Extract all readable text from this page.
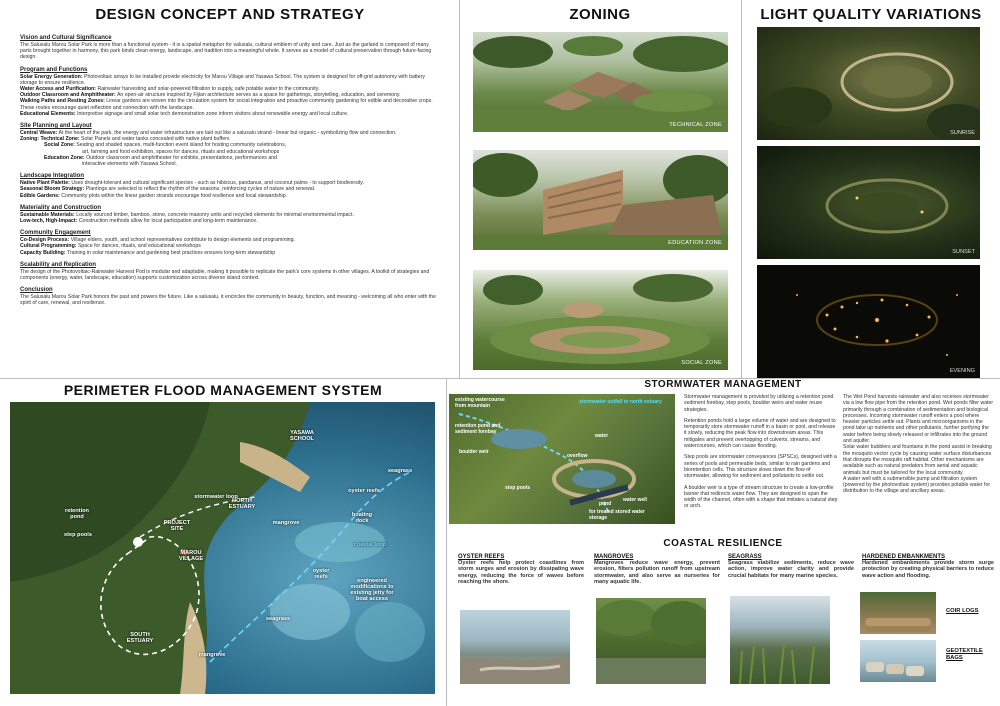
DESIGN CONCEPT AND STRATEGY
Vision and Cultural Significance
The Salusalu Marou Solar Park is more than a functional system - it is a spatial metaphor for salusalu, cultural emblem of unity and care. Just as the garland is composed of many parts brought together in harmony, this park binds clean energy, landscape, and tradition into a meaningful whole. It serves as a model of cultural preservation through future-facing design.
Program and Functions
Solar Energy Generation: Photovoltaic arrays to be installed provide electricity for Marou Village and Yasawa School. The system is designed for off-grid autonomy with battery storage to ensure resilience.
Water Access and Purification: Rainwater harvesting and solar-powered filtration to supply, safe potable water to the community.
Outdoor Classroom and Amphitheater: An open-air structure inspired by Fijian architecture serves as a space for gatherings, storytelling, education, and ceremony.
Walking Paths and Resting Zones: Linear gardens are woven into the circulation system for social integration and proactive community gardening for edible and decorative crops. These routes encourage quiet reflection and connection with the landscape.
Educational Elements: Interpretive signage and small solar tech demonstration zone inform visitors about renewable energy and local culture.
Site Planning and Layout
Central Weave: At the heart of the park, the energy and water infrastructure are laid out like a salusalu strand - linear but organic - symbolizing flow and connection.
Zoning: Technical Zone: Solar Panels and water tanks concealed with native plant buffers
Social Zone: Seating and shaded spaces, multi-function event island for hosting community celebrations,
art, farming and food exhibition, spaces for dances, rituals and educational workshops
Education Zone: Outdoor classroom and amphitheater for exhibits, presentations, performances and
interactive elements with Yasawa School.
Landscape Integration
Native Plant Palette: Uses drought-tolerant and cultural significant species - such as hibiscus, pandanus, and coconut palms - to support biodiversity.
Seasonal Bloom Strategy: Plantings are selected to reflect the rhythm of the seasons, reinforcing cycles of nature and renewal.
Edible Gardens: Community plots within the linear garden strands encourage food resilience and local stewardship.
Materiality and Construction
Sustainable Materials: Locally sourced timber, bamboo, stone, concrete masonry units and recycled elements for minimal environmental impact.
Low-tech, High-Impact: Construction methods allow for local participation and long-term maintenance.
Community Engagement
Co-Design Process: Village elders, youth, and school representatives contribute to design elements and programming.
Cultural Programming: Space for dances, rituals, and educational workshops
Capacity Building: Training in solar maintenance and gardening best practices ensures long-term stewardship
Scalability and Replication
The design of the Photovoltaic-Rainwater Harvest Pod is modular and adaptable, making it possible to replicate the park's core systems in other villages. A toolkit of strategies and components (energy, water, landscape, education) supports customization across diverse island context.
Conclusion
The Salusalu Marou Solar Park honors the past and powers the future. Like a salusalu, it encircles the community in beauty, function, and meaning - welcoming all who enter with the spirit of care, renewal, and resilience.
ZONING
TECHNICAL ZONE
EDUCATION ZONE
SOCIAL ZONE
LIGHT QUALITY VARIATIONS
SUNRISE
SUNSET
EVENING
PERIMETER FLOOD MANAGEMENT SYSTEM
YASAWA SCHOOL
NORTH ESTUARY
retention pond
step pools
PROJECT SITE
MAROU VILLAGE
stormwater loop
mangrove
oyster reefs
boating dock
seagrass
coastal loop
oyster reefs
engineered modifications to existing jetty for boat access
seagrass
SOUTH ESTUARY
mangrove
STORMWATER MANAGEMENT
existing watercourse from mountain
retention pond and sediment forebay
boulder weir
stormwater outfall to north estuary
water
overflow
step pools
pond
water well
for treated stored water storage

Stormwater management is provided by utilizing a retention pond sediment forebay, step pools, boulder weirs and water reuse strategies.

Retention ponds hold a large volume of water and are designed to temporarily store stormwater runoff in a basin or pool, and release it slowly, reducing the peak flow into downstream areas. This mitigates and prevent overtopping of culverts, streams, and watercourses, which can cause flooding.

Step pools are stormwater conveyances (SPSCs), designed with a series of pools and permeable beds, similar to rain gardens and bioretention cells. This structure slows down the flow of stormwater, allowing for sediment and pollutants to settle out.

A boulder weir is a type of stream structure to create a low-profile barrier that redirects water flow. They are designed to span the width of the channel, often with a shape that imitates a natural step or arch.

The Wet Pond harvests rainwater and also receives stormwater via a low flow pipe from the retention pond. Wet ponds filter water primarily through a combination of sedimentation and biological processes. Incoming stormwater runoff enters a pool where heavier particles settle out. Plants and microorganisms in the pond take up nutrients and other pollutants, further purifying the water before being slowly released or infiltrates into the ground and aquifer.

Solar water bubblers and fountains in the pond assist in breaking the mosquito vector cycle by causing water surface disturbances that disrupts the mosquito raft habitat. Other mechanisms are available such as natural predators from aerial and aquatic animals but must be tailored for the local community.

A water well with a submersible pump and filtration system (powered by the photovoltaic system) provides potable water for distribution to the village and ancillary areas.

COASTAL RESILIENCE
OYSTER REEFS
Oyster reefs help protect coastlines from storm surges and erosion by dissipating wave energy, reducing the force of waves before reaching the shore.
MANGROVES
Mangroves reduce wave energy, prevent erosion, filters pollution runoff from upstream stormwater, and also serve as nurseries for many aquatic life.
SEAGRASS
Seagrass stabilize sediments, reduce wave action, improve water clarity and provide crucial habitats for many marine species.
HARDENED EMBANKMENTS
Hardened embankments provide storm surge protection by creating physical barriers to reduce wave action and flooding.
COIR LOGS
GEOTEXTILE BAGS
